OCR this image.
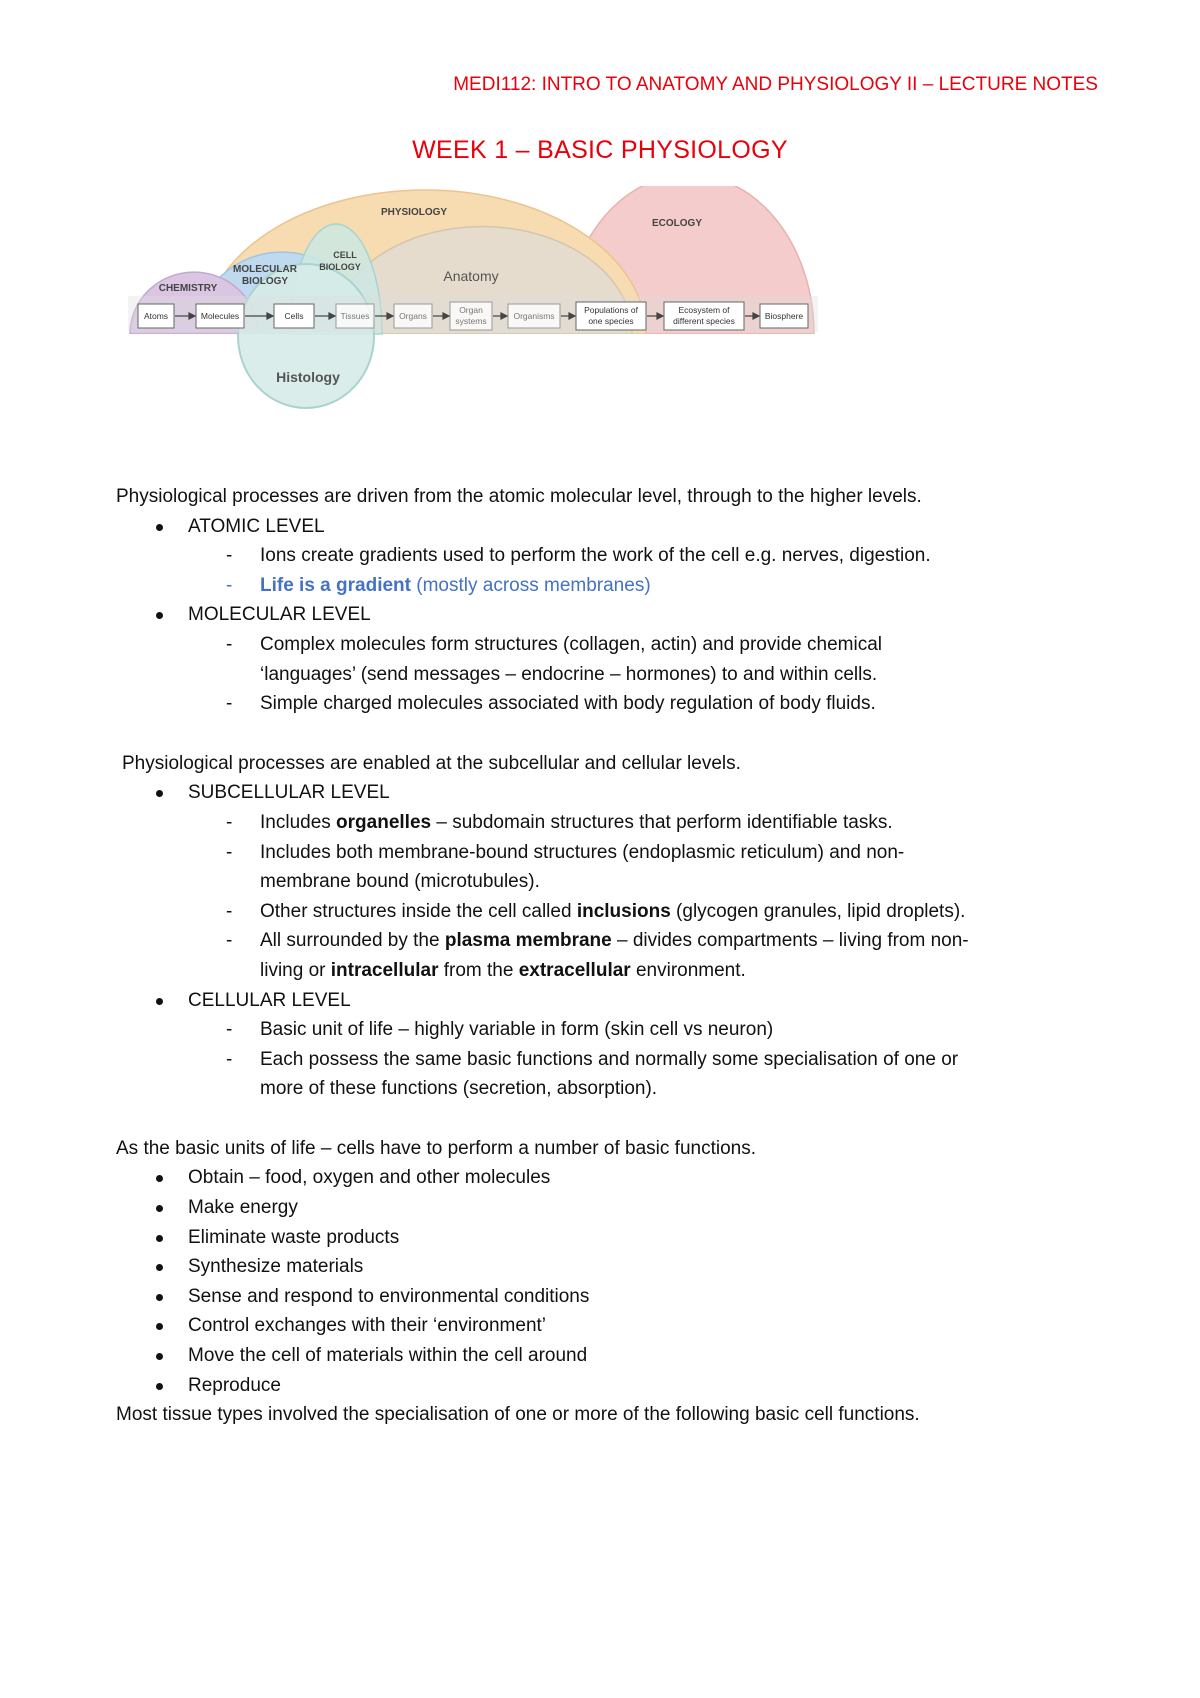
MEDI112: INTRO TO ANATOMY AND PHYSIOLOGY II – LECTURE NOTES
WEEK 1 – BASIC PHYSIOLOGY
PHYSIOLOGY
ECOLOGY
CELL
BIOLOGY
MOLECULAR
BIOLOGY
CHEMISTRY
Anatomy
Atoms	Molecules	Cells	Tissues	Organs
Organ
systems	Organisms
Populations of
one species
Ecosystem of
different species	Biosphere
Histology

Physiological processes are driven from the atomic molecular level, through to the higher levels.

ATOMIC LEVEL
- Ions create gradients used to perform the work of the cell e.g. nerves, digestion.
- Life is a gradient (mostly across membranes)
MOLECULAR LEVEL
- Complex molecules form structures (collagen, actin) and provide chemical
‘languages’ (send messages – endocrine – hormones) to and within cells.
- Simple charged molecules associated with body regulation of body fluids.

Physiological processes are enabled at the subcellular and cellular levels.

SUBCELLULAR LEVEL
- Includes organelles – subdomain structures that perform identifiable tasks.
- Includes both membrane-bound structures (endoplasmic reticulum) and non-
membrane bound (microtubules).
- Other structures inside the cell called inclusions (glycogen granules, lipid droplets).
- All surrounded by the plasma membrane – divides compartments – living from non-
living or intracellular from the extracellular environment.
CELLULAR LEVEL
- Basic unit of life – highly variable in form (skin cell vs neuron)
- Each possess the same basic functions and normally some specialisation of one or
more of these functions (secretion, absorption).

As the basic units of life – cells have to perform a number of basic functions.

Obtain – food, oxygen and other molecules
Make energy
Eliminate waste products
Synthesize materials
Sense and respond to environmental conditions
Control exchanges with their ‘environment’
Move the cell of materials within the cell around
Reproduce

Most tissue types involved the specialisation of one or more of the following basic cell functions.
